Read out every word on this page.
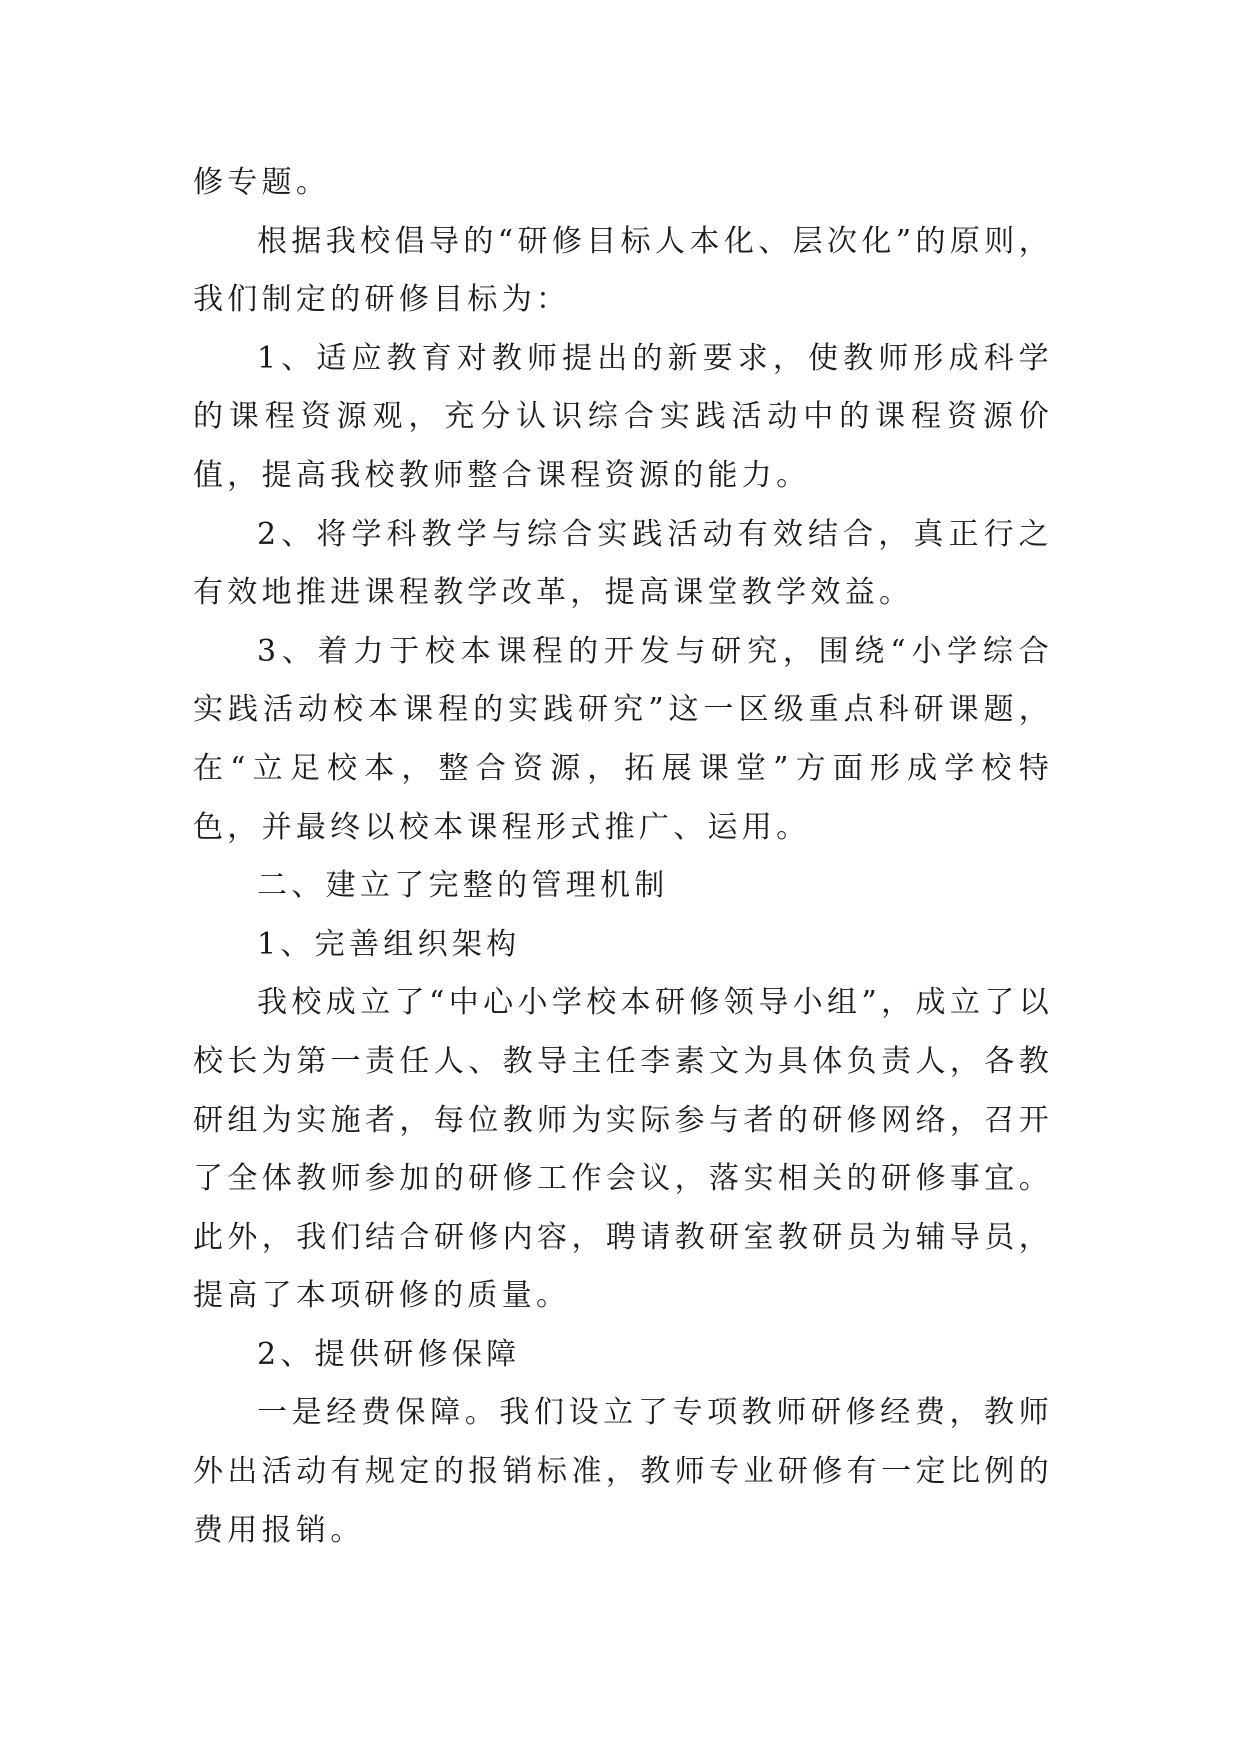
修专题。

根据我校倡导的“研修目标人本化、层次化”的原则，我们制定的研修目标为：

1、适应教育对教师提出的新要求，使教师形成科学的课程资源观，充分认识综合实践活动中的课程资源价值，提高我校教师整合课程资源的能力。

2、将学科教学与综合实践活动有效结合，真正行之有效地推进课程教学改革，提高课堂教学效益。

3、着力于校本课程的开发与研究，围绕“小学综合实践活动校本课程的实践研究”这一区级重点科研课题，在“立足校本，整合资源，拓展课堂”方面形成学校特色，并最终以校本课程形式推广、运用。

二、建立了完整的管理机制

1、完善组织架构

我校成立了“中心小学校本研修领导小组”，成立了以校长为第一责任人、教导主任李素文为具体负责人，各教研组为实施者，每位教师为实际参与者的研修网络，召开了全体教师参加的研修工作会议，落实相关的研修事宜。此外，我们结合研修内容，聘请教研室教研员为辅导员，提高了本项研修的质量。

2、提供研修保障

一是经费保障。我们设立了专项教师研修经费，教师外出活动有规定的报销标准，教师专业研修有一定比例的费用报销。
